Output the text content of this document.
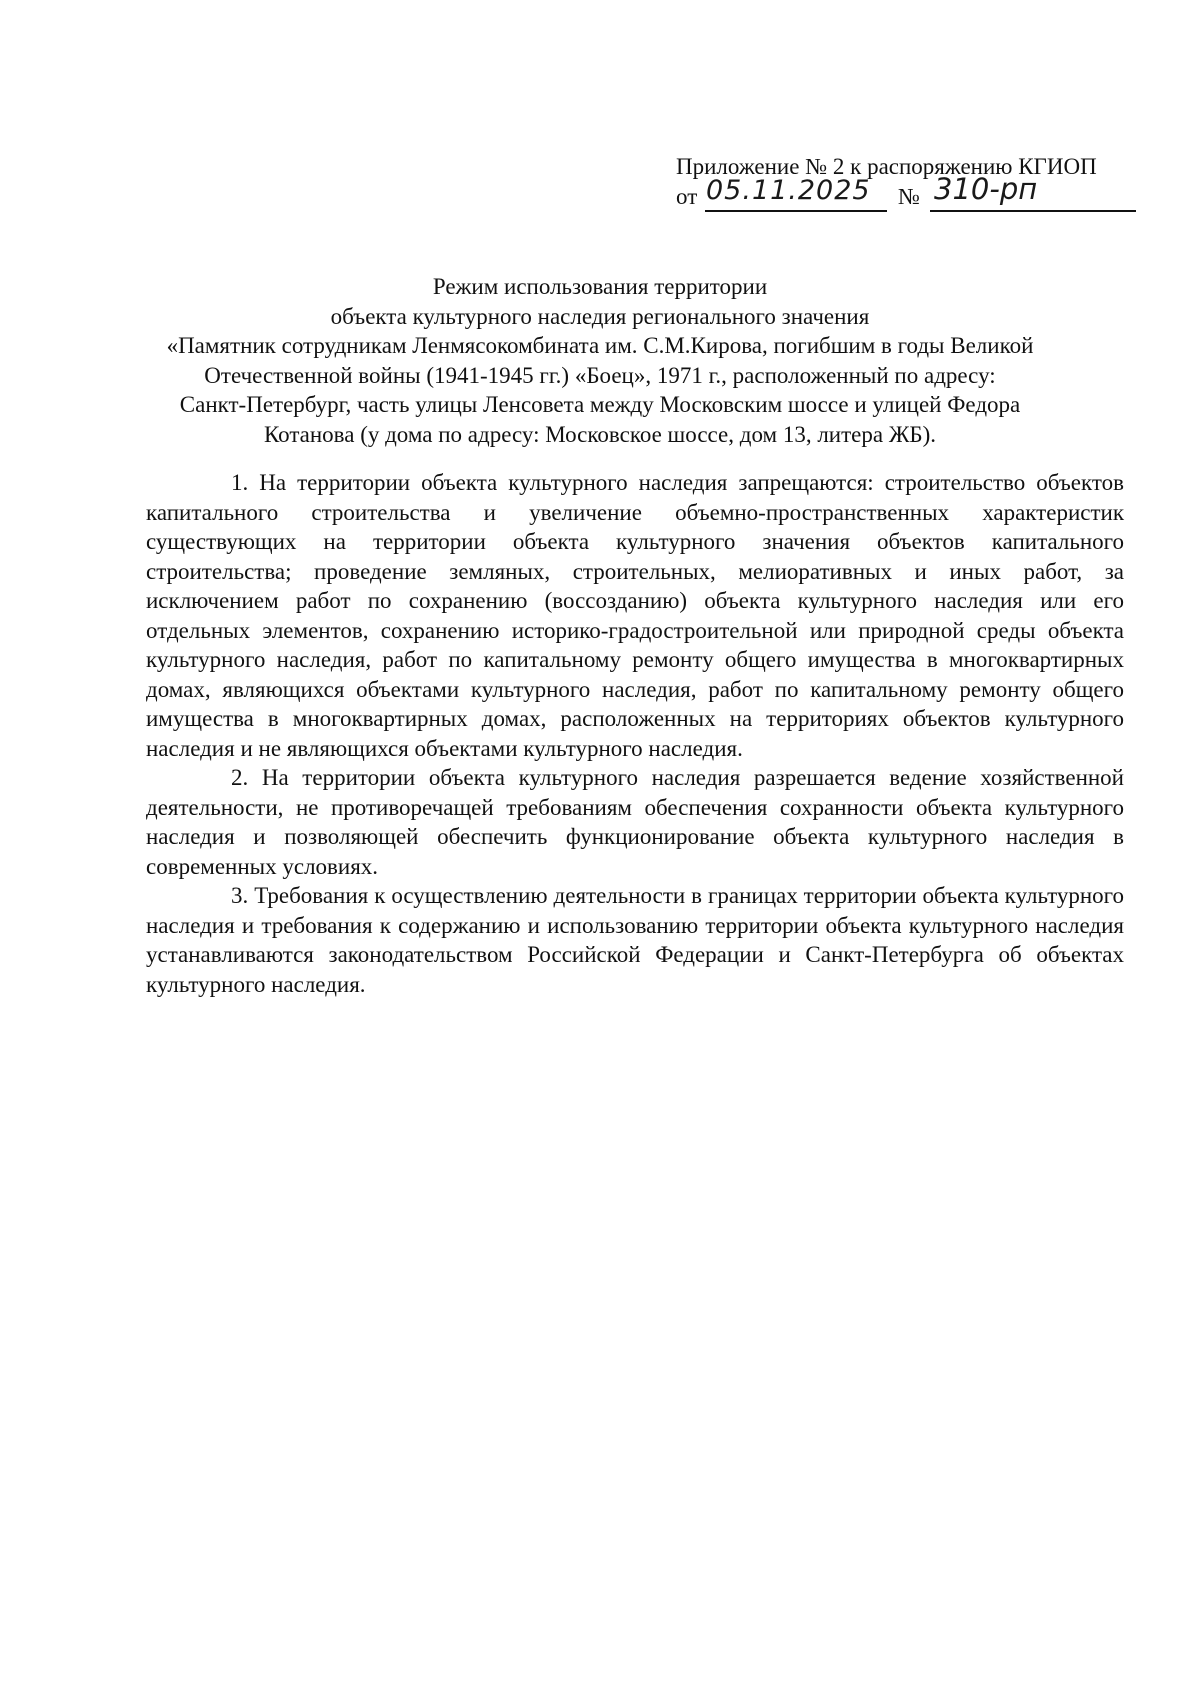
Приложение № 2 к распоряжению КГИОП
от 05.11.2025	№ 310-рп
Режим использования территории
объекта культурного наследия регионального значения
«Памятник сотрудникам Ленмясокомбината им. С.М.Кирова, погибшим в годы Великой
Отечественной войны (1941-1945 гг.) «Боец», 1971 г., расположенный по адресу:
Санкт-Петербург, часть улицы Ленсовета между Московским шоссе и улицей Федора
Котанова (у дома по адресу: Московское шоссе, дом 13, литера ЖБ).

1. На территории объекта культурного наследия запрещаются: строительство объектов капитального строительства и увеличение объемно-пространственных характеристик существующих на территории объекта культурного значения объектов капитального строительства; проведение земляных, строительных, мелиоративных и иных работ, за исключением работ по сохранению (воссозданию) объекта культурного наследия или его отдельных элементов, сохранению историко-градостроительной или природной среды объекта культурного наследия, работ по капитальному ремонту общего имущества в многоквартирных домах, являющихся объектами культурного наследия, работ по капитальному ремонту общего имущества в многоквартирных домах, расположенных на территориях объектов культурного наследия и не являющихся объектами культурного наследия.

2. На территории объекта культурного наследия разрешается ведение хозяйственной деятельности, не противоречащей требованиям обеспечения сохранности объекта культурного наследия и позволяющей обеспечить функционирование объекта культурного наследия в современных условиях.

3. Требования к осуществлению деятельности в границах территории объекта культурного наследия и требования к содержанию и использованию территории объекта культурного наследия устанавливаются законодательством Российской Федерации и Санкт-Петербурга об объектах культурного наследия.
